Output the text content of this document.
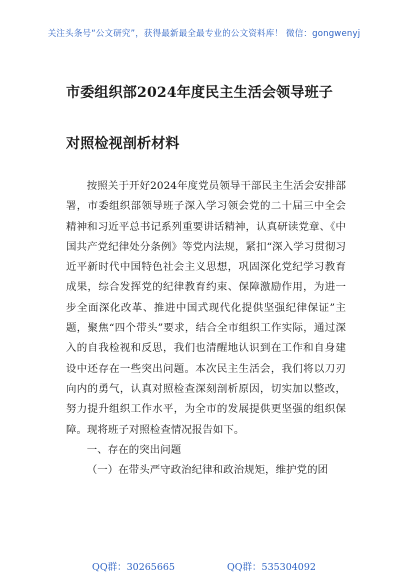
关注头条号“公文研究”，获得最新最全最专业的公文资料库！ 微信：gongwenyj
市委组织部2024年度民主生活会领导班子对照检视剖析材料

按照关于开好2024年度党员领导干部民主生活会安排部署，市委组织部领导班子深入学习领会党的二十届三中全会精神和习近平总书记系列重要讲话精神，认真研读党章、《中国共产党纪律处分条例》等党内法规，紧扣“深入学习贯彻习近平新时代中国特色社会主义思想，巩固深化党纪学习教育成果，综合发挥党的纪律教育约束、保障激励作用，为进一步全面深化改革、推进中国式现代化提供坚强纪律保证”主题，聚焦“四个带头”要求，结合全市组织工作实际，通过深入的自我检视和反思，我们也清醒地认识到在工作和自身建设中还存在一些突出问题。本次民主生活会，我们将以刀刃向内的勇气，认真对照检查深刻剖析原因，切实加以整改，努力提升组织工作水平，为全市的发展提供更坚强的组织保障。现将班子对照检查情况报告如下。

一、存在的突出问题

（一）在带头严守政治纪律和政治规矩，维护党的团

QQ群：30265665	QQ群：535304092
